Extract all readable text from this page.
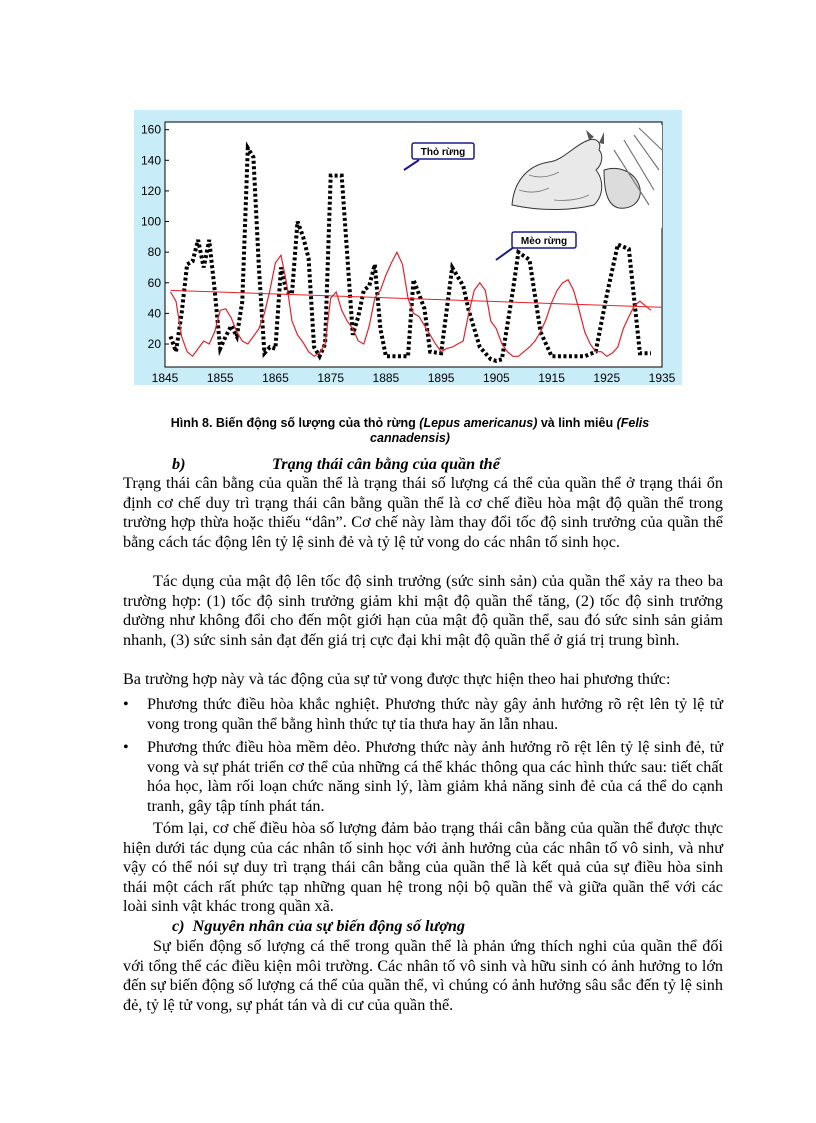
20
40
60
80
100
120
140
160
1845 1855 1865 1875 1885 1895 1905 1915 1925 1935
Thỏ rừng
Mèo rừng
Hình 8. Biến động số lượng của thỏ rừng (Lepus americanus) và linh miêu (Felis cannadensis)
b)	Trạng thái cân bằng của quần thể
Trạng thái cân bằng của quần thể là trạng thái số lượng cá thể của quần thể ở trạng thái ổn định cơ chế duy trì trạng thái cân bằng quần thể là cơ chế điều hòa mật độ quần thể trong trường hợp thừa hoặc thiếu “dân”. Cơ chế này làm thay đổi tốc độ sinh trưởng của quần thể bằng cách tác động lên tỷ lệ sinh đẻ và tỷ lệ tử vong do các nhân tố sinh học.
Tác dụng của mật độ lên tốc độ sinh trưởng (sức sinh sản) của quần thể xảy ra theo ba trường hợp: (1) tốc độ sinh trưởng giảm khi mật độ quần thể tăng, (2) tốc độ sinh trưởng dường như không đổi cho đến một giới hạn của mật độ quần thể, sau đó sức sinh sản giảm nhanh, (3) sức sinh sản đạt đến giá trị cực đại khi mật độ quần thể ở giá trị trung bình.
Ba trường hợp này và tác động của sự tử vong được thực hiện theo hai phương thức:
• Phương thức điều hòa khắc nghiệt. Phương thức này gây ảnh hưởng rõ rệt lên tỷ lệ tử vong trong quần thể bằng hình thức tự tỉa thưa hay ăn lẫn nhau.
• Phương thức điều hòa mềm dẻo. Phương thức này ảnh hưởng rõ rệt lên tỷ lệ sinh đẻ, tử vong và sự phát triển cơ thể của những cá thể khác thông qua các hình thức sau: tiết chất hóa học, làm rối loạn chức năng sinh lý, làm giảm khả năng sinh đẻ của cá thể do cạnh tranh, gây tập tính phát tán.
Tóm lại, cơ chế điều hòa số lượng đảm bảo trạng thái cân bằng của quần thể được thực hiện dưới tác dụng của các nhân tố sinh học với ảnh hưởng của các nhân tố vô sinh, và như vậy có thể nói sự duy trì trạng thái cân bằng của quần thể là kết quả của sự điều hòa sinh thái một cách rất phức tạp những quan hệ trong nội bộ quần thể và giữa quần thể với các loài sinh vật khác trong quần xã.
c) Nguyên nhân của sự biến động số lượng
Sự biến động số lượng cá thể trong quần thể là phản ứng thích nghi của quần thể đối với tổng thể các điều kiện môi trường. Các nhân tố vô sinh và hữu sinh có ảnh hưởng to lớn đến sự biến động số lượng cá thể của quần thể, vì chúng có ảnh hưởng sâu sắc đến tỷ lệ sinh đẻ, tỷ lệ tử vong, sự phát tán và di cư của quần thể.
